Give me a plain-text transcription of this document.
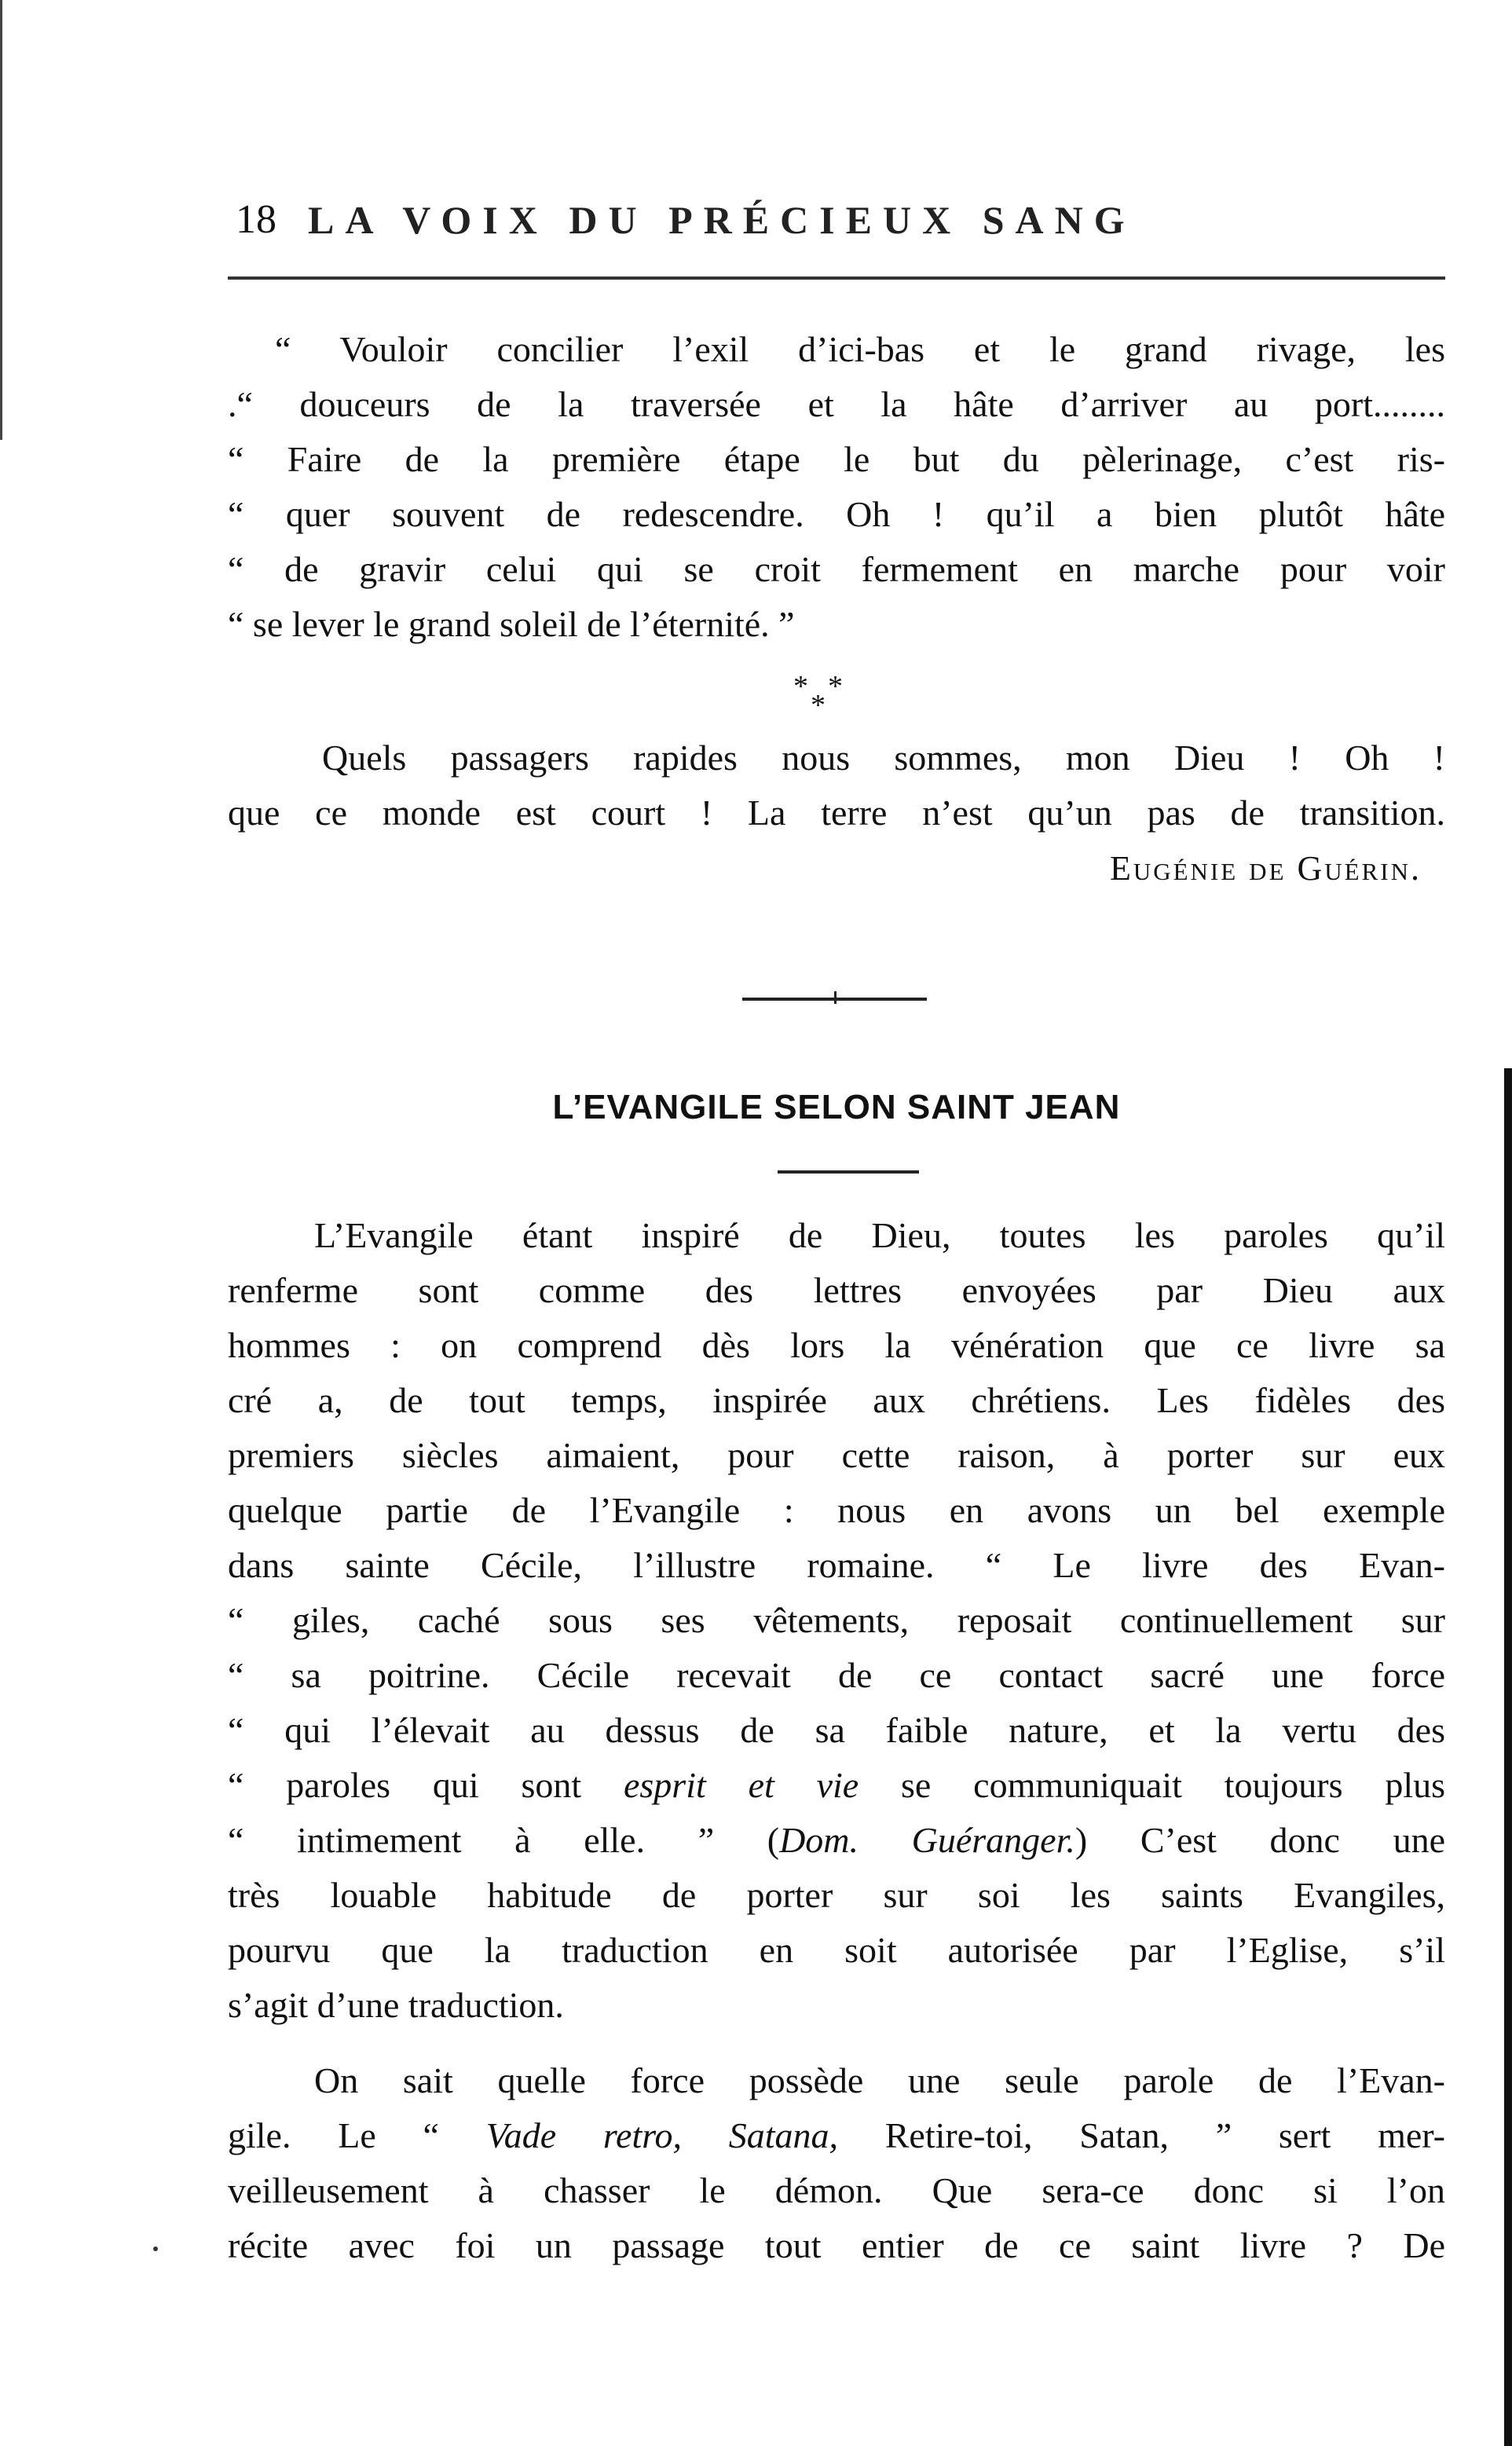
18 LA VOIX DU PRÉCIEUX SANG
“ Vouloir concilier l’exil d’ici-bas et le grand rivage, les
.“ douceurs de la traversée et la hâte d’arriver au port........
“ Faire de la première étape le but du pèlerinage, c’est ris-
“ quer souvent de redescendre. Oh ! qu’il a bien plutôt hâte
“ de gravir celui qui se croit fermement en marche pour voir
“ se lever le grand soleil de l’éternité. ”
* *
*
Quels passagers rapides nous sommes, mon Dieu ! Oh !
que ce monde est court ! La terre n’est qu’un pas de transition.
Eugénie de Guérin.
L’EVANGILE SELON SAINT JEAN
L’Evangile étant inspiré de Dieu, toutes les paroles qu’il
renferme sont comme des lettres envoyées par Dieu aux
hommes : on comprend dès lors la vénération que ce livre sa
cré a, de tout temps, inspirée aux chrétiens. Les fidèles des
premiers siècles aimaient, pour cette raison, à porter sur eux
quelque partie de l’Evangile : nous en avons un bel exemple
dans sainte Cécile, l’illustre romaine. “ Le livre des Evan-
“ giles, caché sous ses vêtements, reposait continuellement sur
“ sa poitrine. Cécile recevait de ce contact sacré une force
“ qui l’élevait au dessus de sa faible nature, et la vertu des
“ paroles qui sont esprit et vie se communiquait toujours plus
“ intimement à elle. ” (Dom. Guéranger.) C’est donc une
très louable habitude de porter sur soi les saints Evangiles,
pourvu que la traduction en soit autorisée par l’Eglise, s’il
s’agit d’une traduction.
On sait quelle force possède une seule parole de l’Evan-
gile. Le “ Vade retro, Satana, Retire-toi, Satan, ” sert mer-
veilleusement à chasser le démon. Que sera-ce donc si l’on
récite avec foi un passage tout entier de ce saint livre ? De
